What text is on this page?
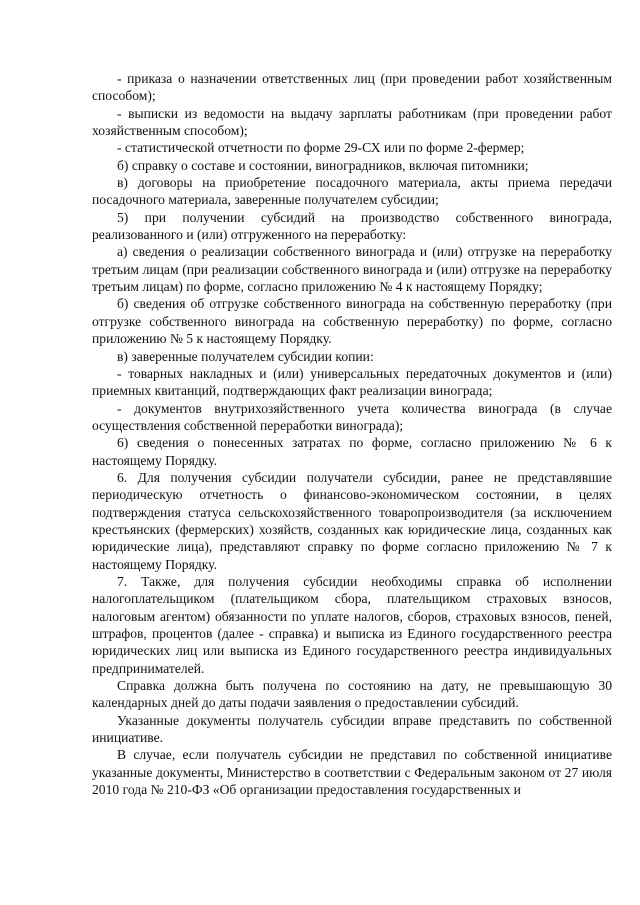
- приказа о назначении ответственных лиц (при проведении работ хозяйственным способом);

- выписки из ведомости на выдачу зарплаты работникам (при проведении работ хозяйственным способом);

- статистической отчетности по форме 29-СХ или по форме 2-фермер;

б) справку о составе и состоянии, виноградников, включая питомники;

в) договоры на приобретение посадочного материала, акты приема передачи посадочного материала, заверенные получателем субсидии;

5) при получении субсидий на производство собственного винограда, реализованного и (или) отгруженного на переработку:

а) сведения о реализации собственного винограда и (или) отгрузке на переработку третьим лицам (при реализации собственного винограда и (или) отгрузке на переработку третьим лицам) по форме, согласно приложению № 4 к настоящему Порядку;

б) сведения об отгрузке собственного винограда на собственную переработку (при отгрузке собственного винограда на собственную переработку) по форме, согласно приложению № 5 к настоящему Порядку.

в) заверенные получателем субсидии копии:

- товарных накладных и (или) универсальных передаточных документов и (или) приемных квитанций, подтверждающих факт реализации винограда;

- документов внутрихозяйственного учета количества винограда (в случае осуществления собственной переработки винограда);

6) сведения о понесенных затратах по форме, согласно приложению № 6 к настоящему Порядку.

6. Для получения субсидии получатели субсидии, ранее не представлявшие периодическую отчетность о финансово-экономическом состоянии, в целях подтверждения статуса сельскохозяйственного товаропроизводителя (за исключением крестьянских (фермерских) хозяйств, созданных как юридические лица, созданных как юридические лица), представляют справку по форме согласно приложению № 7 к настоящему Порядку.

7. Также, для получения субсидии необходимы справка об исполнении налогоплательщиком (плательщиком сбора, плательщиком страховых взносов, налоговым агентом) обязанности по уплате налогов, сборов, страховых взносов, пеней, штрафов, процентов (далее - справка) и выписка из Единого государственного реестра юридических лиц или выписка из Единого государственного реестра индивидуальных предпринимателей.

Справка должна быть получена по состоянию на дату, не превышающую 30 календарных дней до даты подачи заявления о предоставлении субсидий.

Указанные документы получатель субсидии вправе представить по собственной инициативе.

В случае, если получатель субсидии не представил по собственной инициативе указанные документы, Министерство в соответствии с Федеральным законом от 27 июля 2010 года № 210-ФЗ «Об организации предоставления государственных и
